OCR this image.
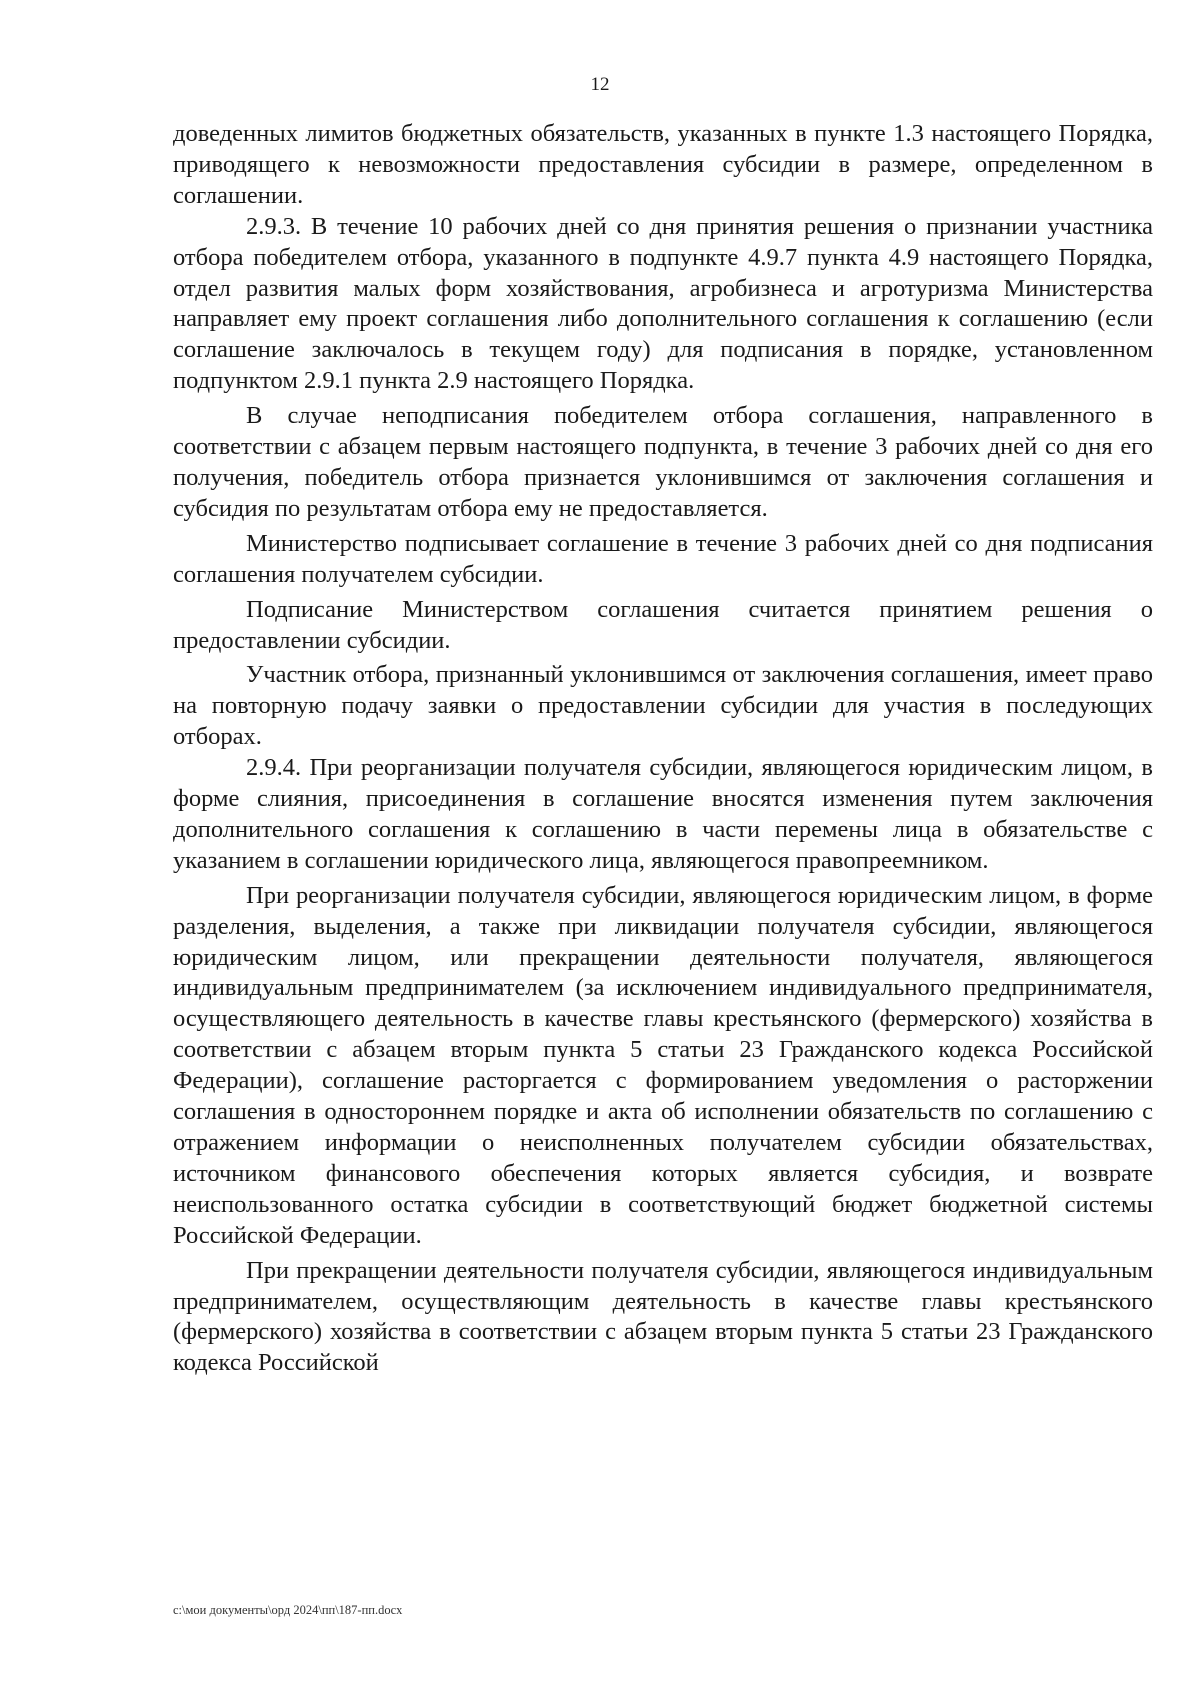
12

доведенных лимитов бюджетных обязательств, указанных в пункте 1.3 настоящего Порядка, приводящего к невозможности предоставления субсидии в размере, определенном в соглашении.

2.9.3. В течение 10 рабочих дней со дня принятия решения о признании участника отбора победителем отбора, указанного в подпункте 4.9.7 пункта 4.9 настоящего Порядка, отдел развития малых форм хозяйствования, агробизнеса и агротуризма Министерства направляет ему проект соглашения либо дополнительного соглашения к соглашению (если соглашение заключалось в текущем году) для подписания в порядке, установленном подпунктом 2.9.1 пункта 2.9 настоящего Порядка.

В случае неподписания победителем отбора соглашения, направленного в соответствии с абзацем первым настоящего подпункта, в течение 3 рабочих дней со дня его получения, победитель отбора признается уклонившимся от заключения соглашения и субсидия по результатам отбора ему не предоставляется.

Министерство подписывает соглашение в течение 3 рабочих дней со дня подписания соглашения получателем субсидии.

Подписание Министерством соглашения считается принятием решения о предоставлении субсидии.

Участник отбора, признанный уклонившимся от заключения соглашения, имеет право на повторную подачу заявки о предоставлении субсидии для участия в последующих отборах.

2.9.4. При реорганизации получателя субсидии, являющегося юридическим лицом, в форме слияния, присоединения в соглашение вносятся изменения путем заключения дополнительного соглашения к соглашению в части перемены лица в обязательстве с указанием в соглашении юридического лица, являющегося правопреемником.

При реорганизации получателя субсидии, являющегося юридическим лицом, в форме разделения, выделения, а также при ликвидации получателя субсидии, являющегося юридическим лицом, или прекращении деятельности получателя, являющегося индивидуальным предпринимателем (за исключением индивидуального предпринимателя, осуществляющего деятельность в качестве главы крестьянского (фермерского) хозяйства в соответствии с абзацем вторым пункта 5 статьи 23 Гражданского кодекса Российской Федерации), соглашение расторгается с формированием уведомления о расторжении соглашения в одностороннем порядке и акта об исполнении обязательств по соглашению с отражением информации о неисполненных получателем субсидии обязательствах, источником финансового обеспечения которых является субсидия, и возврате неиспользованного остатка субсидии в соответствующий бюджет бюджетной системы Российской Федерации.

При прекращении деятельности получателя субсидии, являющегося индивидуальным предпринимателем, осуществляющим деятельность в качестве главы крестьянского (фермерского) хозяйства в соответствии с абзацем вторым пункта 5 статьи 23 Гражданского кодекса Российской

c:\мои документы\орд 2024\пп\187-пп.docx
